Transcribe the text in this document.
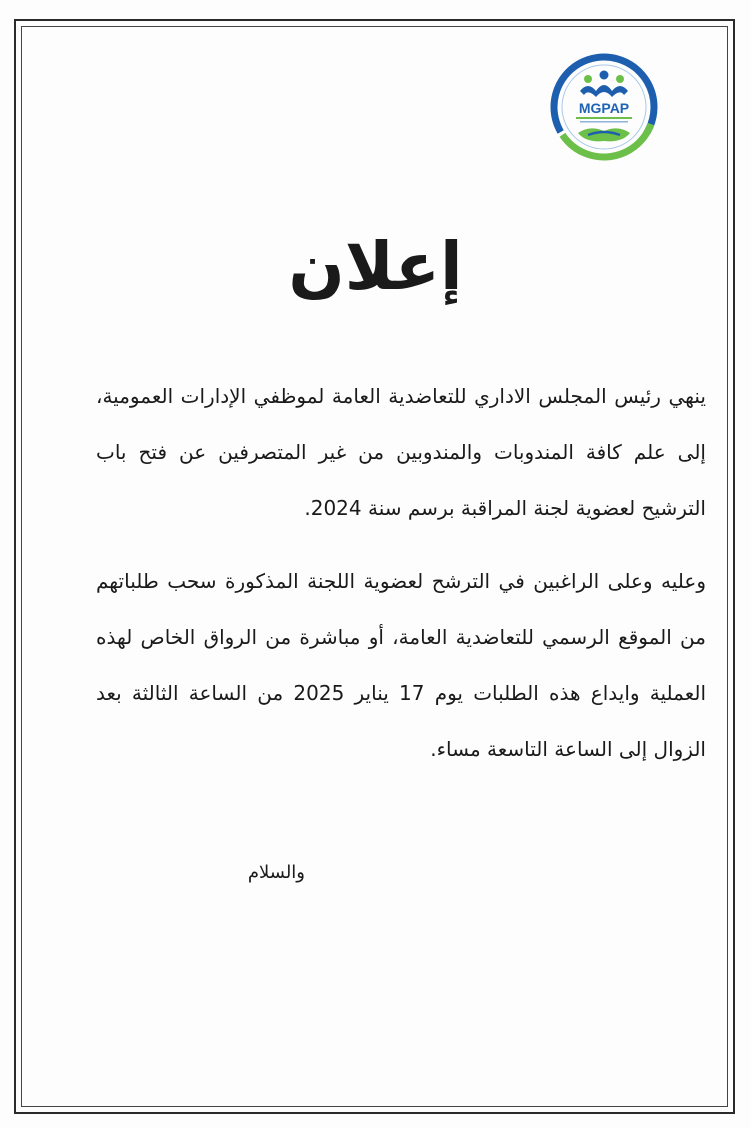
MGPAP
إعلان
ينهي رئيس المجلس الاداري للتعاضدية العامة لموظفي الإدارات العمومية، إلى علم كافة المندوبات والمندوبين من غير المتصرفين عن فتح باب الترشيح لعضوية لجنة المراقبة برسم سنة 2024.
وعليه وعلى الراغبين في الترشح لعضوية اللجنة المذكورة سحب طلباتهم من الموقع الرسمي للتعاضدية العامة، أو مباشرة من الرواق الخاص لهذه العملية وايداع هذه الطلبات يوم 17 يناير 2025 من الساعة الثالثة بعد الزوال إلى الساعة التاسعة مساء.
والسلام
